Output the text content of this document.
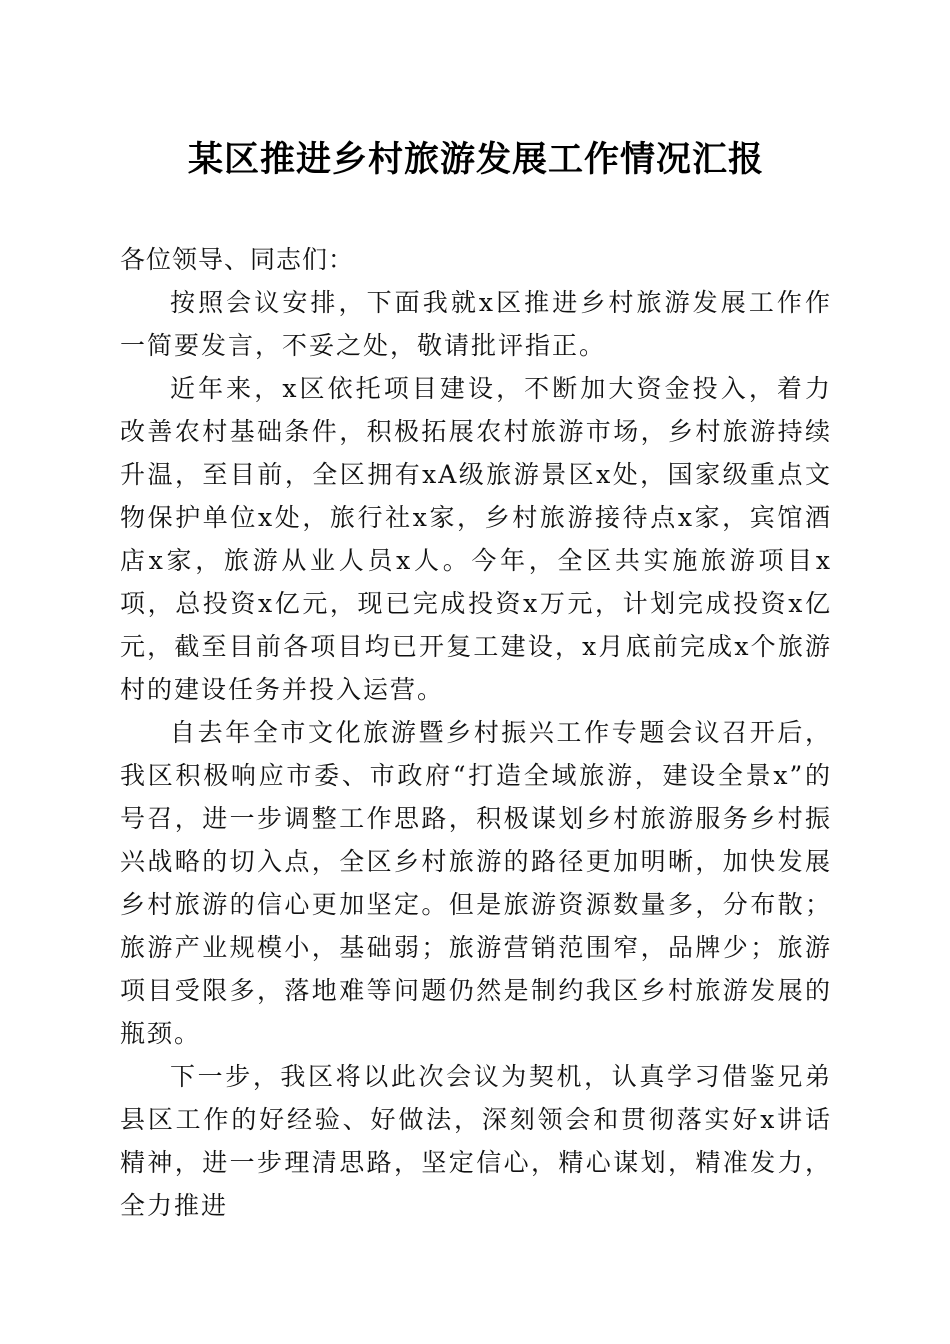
某区推进乡村旅游发展工作情况汇报

各位领导、同志们：

按照会议安排，下面我就x区推进乡村旅游发展工作作一简要发言，不妥之处，敬请批评指正。

近年来，x区依托项目建设，不断加大资金投入，着力改善农村基础条件，积极拓展农村旅游市场，乡村旅游持续升温，至目前，全区拥有xA级旅游景区x处，国家级重点文物保护单位x处，旅行社x家，乡村旅游接待点x家，宾馆酒店x家，旅游从业人员x人。今年，全区共实施旅游项目x项，总投资x亿元，现已完成投资x万元，计划完成投资x亿元，截至目前各项目均已开复工建设，x月底前完成x个旅游村的建设任务并投入运营。

自去年全市文化旅游暨乡村振兴工作专题会议召开后，我区积极响应市委、市政府“打造全域旅游，建设全景x”的号召，进一步调整工作思路，积极谋划乡村旅游服务乡村振兴战略的切入点，全区乡村旅游的路径更加明晰，加快发展乡村旅游的信心更加坚定。但是旅游资源数量多，分布散；旅游产业规模小，基础弱；旅游营销范围窄，品牌少；旅游项目受限多，落地难等问题仍然是制约我区乡村旅游发展的瓶颈。

下一步，我区将以此次会议为契机，认真学习借鉴兄弟县区工作的好经验、好做法，深刻领会和贯彻落实好x讲话精神，进一步理清思路，坚定信心，精心谋划，精准发力，全力推进
